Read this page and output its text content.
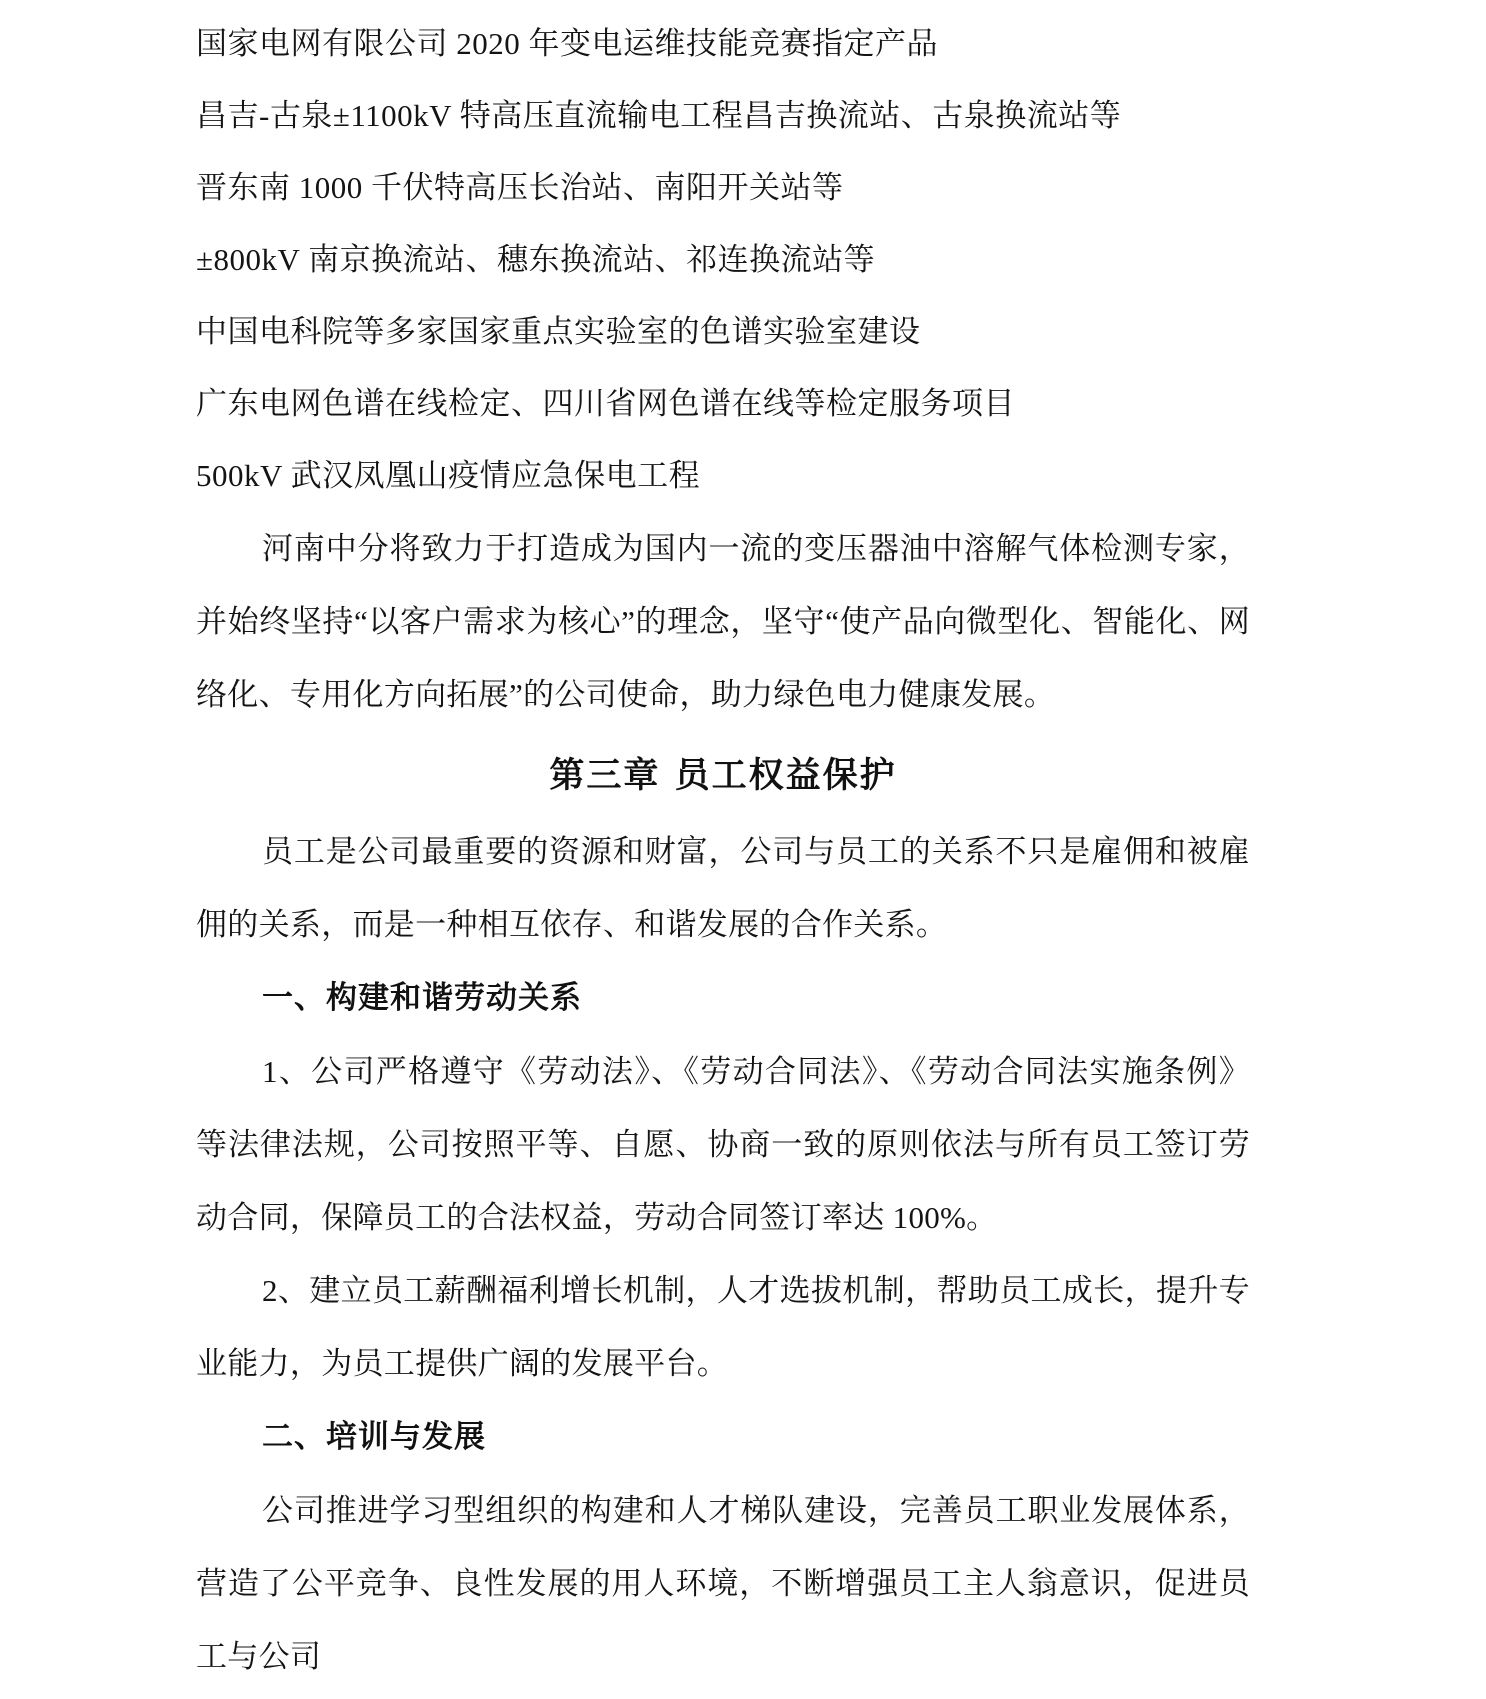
国家电网有限公司 2020 年变电运维技能竞赛指定产品
昌吉-古泉±1100kV 特高压直流输电工程昌吉换流站、古泉换流站等
晋东南 1000 千伏特高压长治站、南阳开关站等
±800kV 南京换流站、穗东换流站、祁连换流站等
中国电科院等多家国家重点实验室的色谱实验室建设
广东电网色谱在线检定、四川省网色谱在线等检定服务项目
500kV 武汉凤凰山疫情应急保电工程

河南中分将致力于打造成为国内一流的变压器油中溶解气体检测专家，并始终坚持“以客户需求为核心”的理念，坚守“使产品向微型化、智能化、网络化、专用化方向拓展”的公司使命，助力绿色电力健康发展。

第三章 员工权益保护

员工是公司最重要的资源和财富，公司与员工的关系不只是雇佣和被雇佣的关系，而是一种相互依存、和谐发展的合作关系。

一、构建和谐劳动关系

1、公司严格遵守《劳动法》、《劳动合同法》、《劳动合同法实施条例》 等法律法规，公司按照平等、自愿、协商一致的原则依法与所有员工签订劳动合同，保障员工的合法权益，劳动合同签订率达 100%。

2、建立员工薪酬福利增长机制，人才选拔机制，帮助员工成长，提升专业能力，为员工提供广阔的发展平台。

二、培训与发展

公司推进学习型组织的构建和人才梯队建设，完善员工职业发展体系，营造了公平竞争、良性发展的用人环境，不断增强员工主人翁意识，促进员工与公司
